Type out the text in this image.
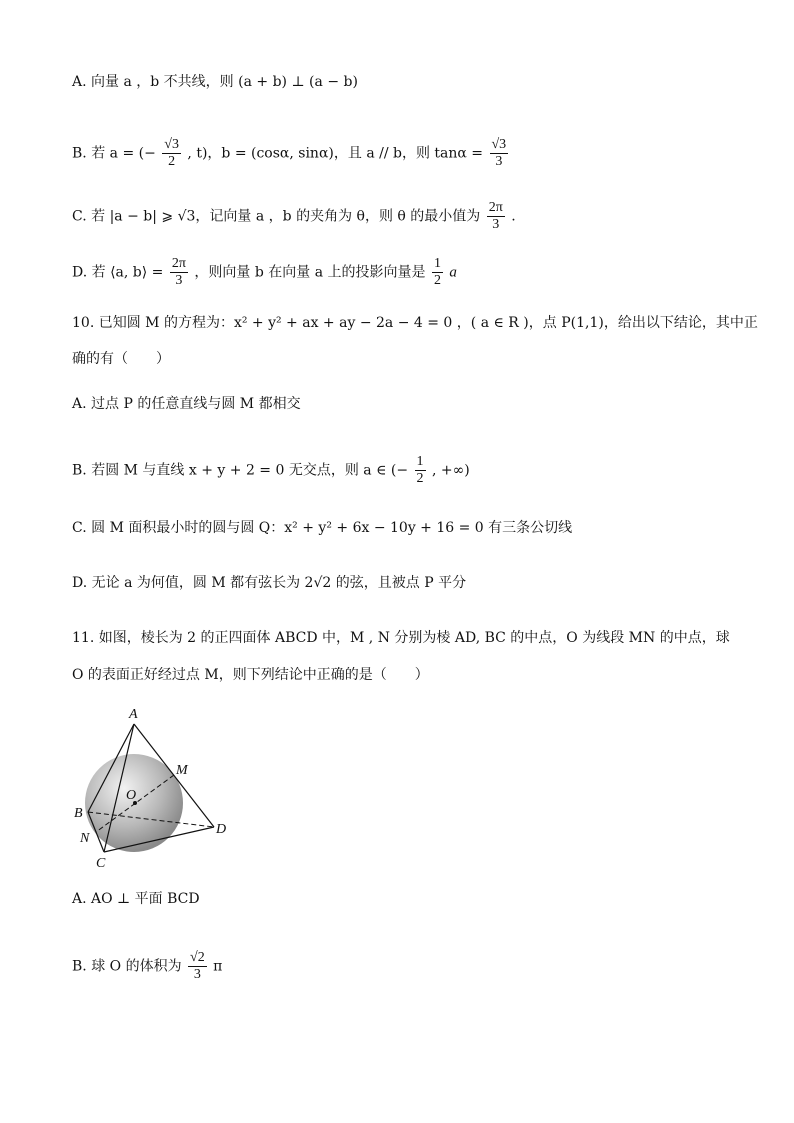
A. 向量 a ，b 不共线，则 (a + b) ⊥ (a − b)
B. 若 a = (− $\frac{√3}{2}$ , t)，b = (cosα, sinα)，且 a // b，则 $\tan\alpha = \frac{√3}{3}$
C. 若 |a − b| ⩾ √3，记向量 a ，b 的夹角为 θ，则 θ 的最小值为 $\frac{2\pi}{3}$ .
D. 若 ⟨a, b⟩ = $\frac{2\pi}{3}$ ，则向量 b 在向量 a 上的投影向量是 $\frac{1}{2}$ a
10. 已知圆 M 的方程为：x² + y² + ax + ay − 2a − 4 = 0 ，( a ∈ R )，点 P(1,1)，给出以下结论，其中正
确的有（　　）
A. 过点 P 的任意直线与圆 M 都相交
B. 若圆 M 与直线 x + y + 2 = 0 无交点，则 a ∈ (− $\frac{1}{2}$ , +∞)
C. 圆 M 面积最小时的圆与圆 Q：x² + y² + 6x − 10y + 16 = 0 有三条公切线
D. 无论 a 为何值，圆 M 都有弦长为 2√2 的弦，且被点 P 平分
11. 如图，棱长为 2 的正四面体 ABCD 中，M , N 分别为棱 AD, BC 的中点，O 为线段 MN 的中点，球
O 的表面正好经过点 M，则下列结论中正确的是（　　）
A
B
C
D
M
N
O
A. AO ⊥ 平面 BCD
B. 球 O 的体积为 $\frac{√2}{3}$ π
